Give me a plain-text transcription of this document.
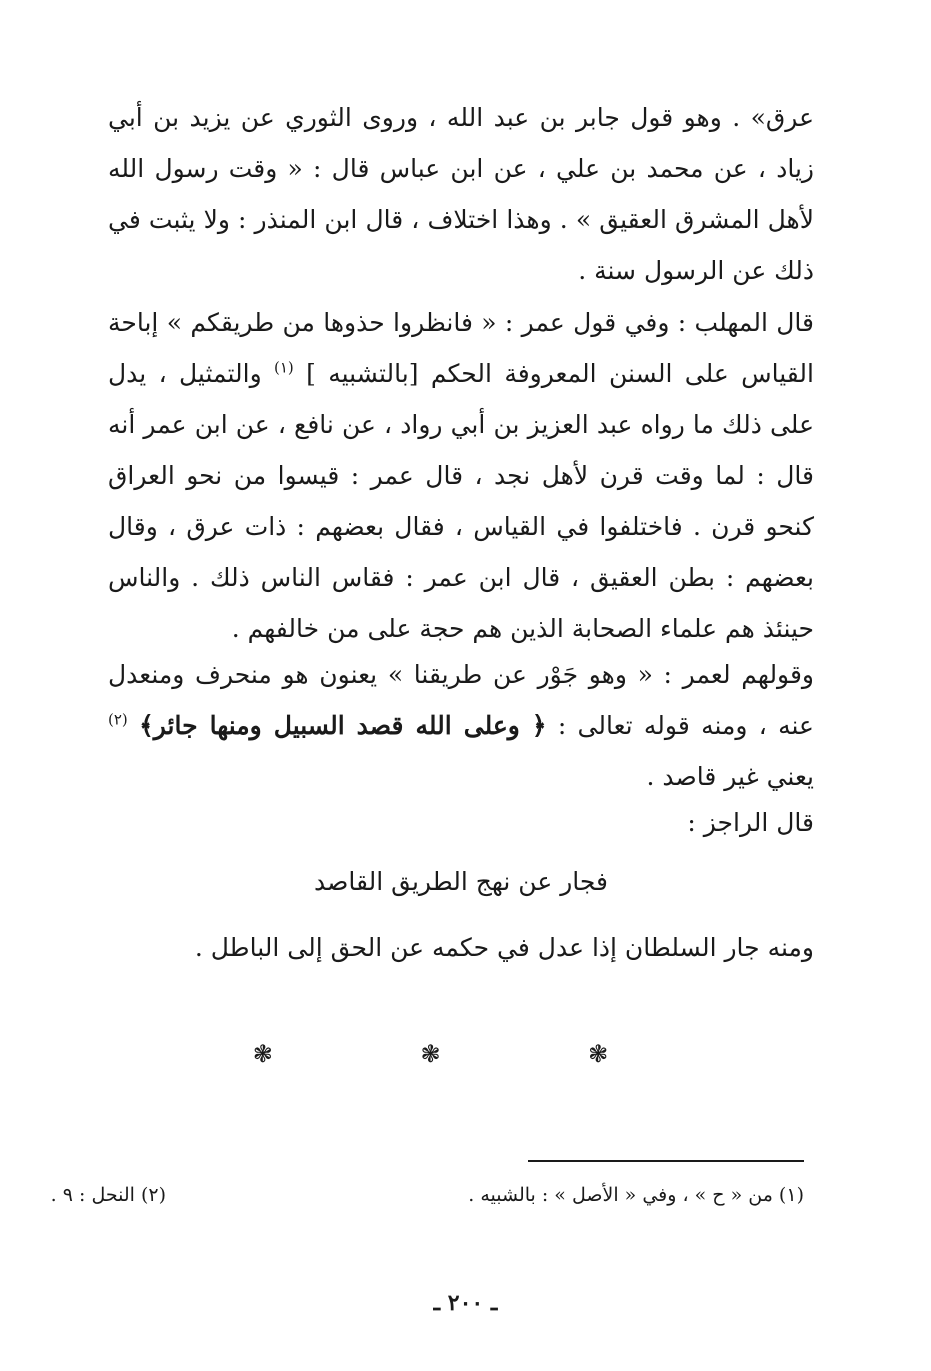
عرق» . وهو قول جابر بن عبد الله ، وروى الثوري عن يزيد بن أبي زياد ، عن محمد بن علي ، عن ابن عباس قال : « وقت رسول الله لأهل المشرق العقيق » . وهذا اختلاف ، قال ابن المنذر : ولا يثبت في ذلك عن الرسول سنة .

قال المهلب : وفي قول عمر : « فانظروا حذوها من طريقكم » إباحة القياس على السنن المعروفة الحكم [بالتشبيه ] $^{(١)}$ والتمثيل ، يدل على ذلك ما رواه عبد العزيز بن أبي رواد ، عن نافع ، عن ابن عمر أنه قال : لما وقت قرن لأهل نجد ، قال عمر : قيسوا من نحو العراق كنحو قرن . فاختلفوا في القياس ، فقال بعضهم : ذات عرق ، وقال بعضهم : بطن العقيق ، قال ابن عمر : فقاس الناس ذلك . والناس حينئذ هم علماء الصحابة الذين هم حجة على من خالفهم .

وقولهم لعمر : « وهو جَوْر عن طريقنا » يعنون هو منحرف ومنعدل عنه ، ومنه قوله تعالى : ﴿ وعلى الله قصد السبيل ومنها جائر﴾ $^{(٢)}$ يعني غير قاصد .

قال الراجز :

فجار عن نهج الطريق القاصد

ومنه جار السلطان إذا عدل في حكمه عن الحق إلى الباطل .

❃ ❃ ❃
(١) من « ح » ، وفي « الأصل » : بالشبيه .
(٢) النحل : ٩ .
ـ ٢٠٠ ـ
